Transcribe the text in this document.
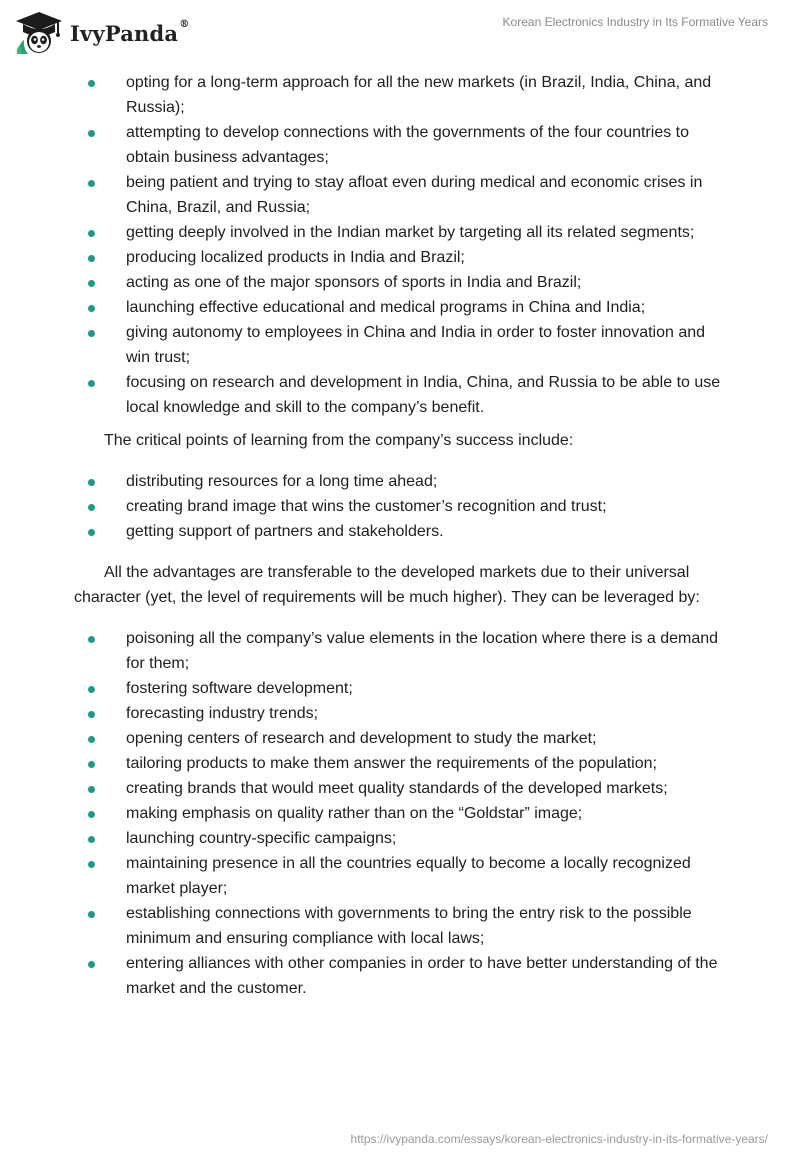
IvyPanda®	Korean Electronics Industry in Its Formative Years
opting for a long-term approach for all the new markets (in Brazil, India, China, and Russia);
attempting to develop connections with the governments of the four countries to obtain business advantages;
being patient and trying to stay afloat even during medical and economic crises in China, Brazil, and Russia;
getting deeply involved in the Indian market by targeting all its related segments;
producing localized products in India and Brazil;
acting as one of the major sponsors of sports in India and Brazil;
launching effective educational and medical programs in China and India;
giving autonomy to employees in China and India in order to foster innovation and win trust;
focusing on research and development in India, China, and Russia to be able to use local knowledge and skill to the company’s benefit.

The critical points of learning from the company’s success include:

distributing resources for a long time ahead;
creating brand image that wins the customer’s recognition and trust;
getting support of partners and stakeholders.

All the advantages are transferable to the developed markets due to their universal character (yet, the level of requirements will be much higher). They can be leveraged by:

poisoning all the company’s value elements in the location where there is a demand for them;
fostering software development;
forecasting industry trends;
opening centers of research and development to study the market;
tailoring products to make them answer the requirements of the population;
creating brands that would meet quality standards of the developed markets;
making emphasis on quality rather than on the “Goldstar” image;
launching country-specific campaigns;
maintaining presence in all the countries equally to become a locally recognized market player;
establishing connections with governments to bring the entry risk to the possible minimum and ensuring compliance with local laws;
entering alliances with other companies in order to have better understanding of the market and the customer.
https://ivypanda.com/essays/korean-electronics-industry-in-its-formative-years/
